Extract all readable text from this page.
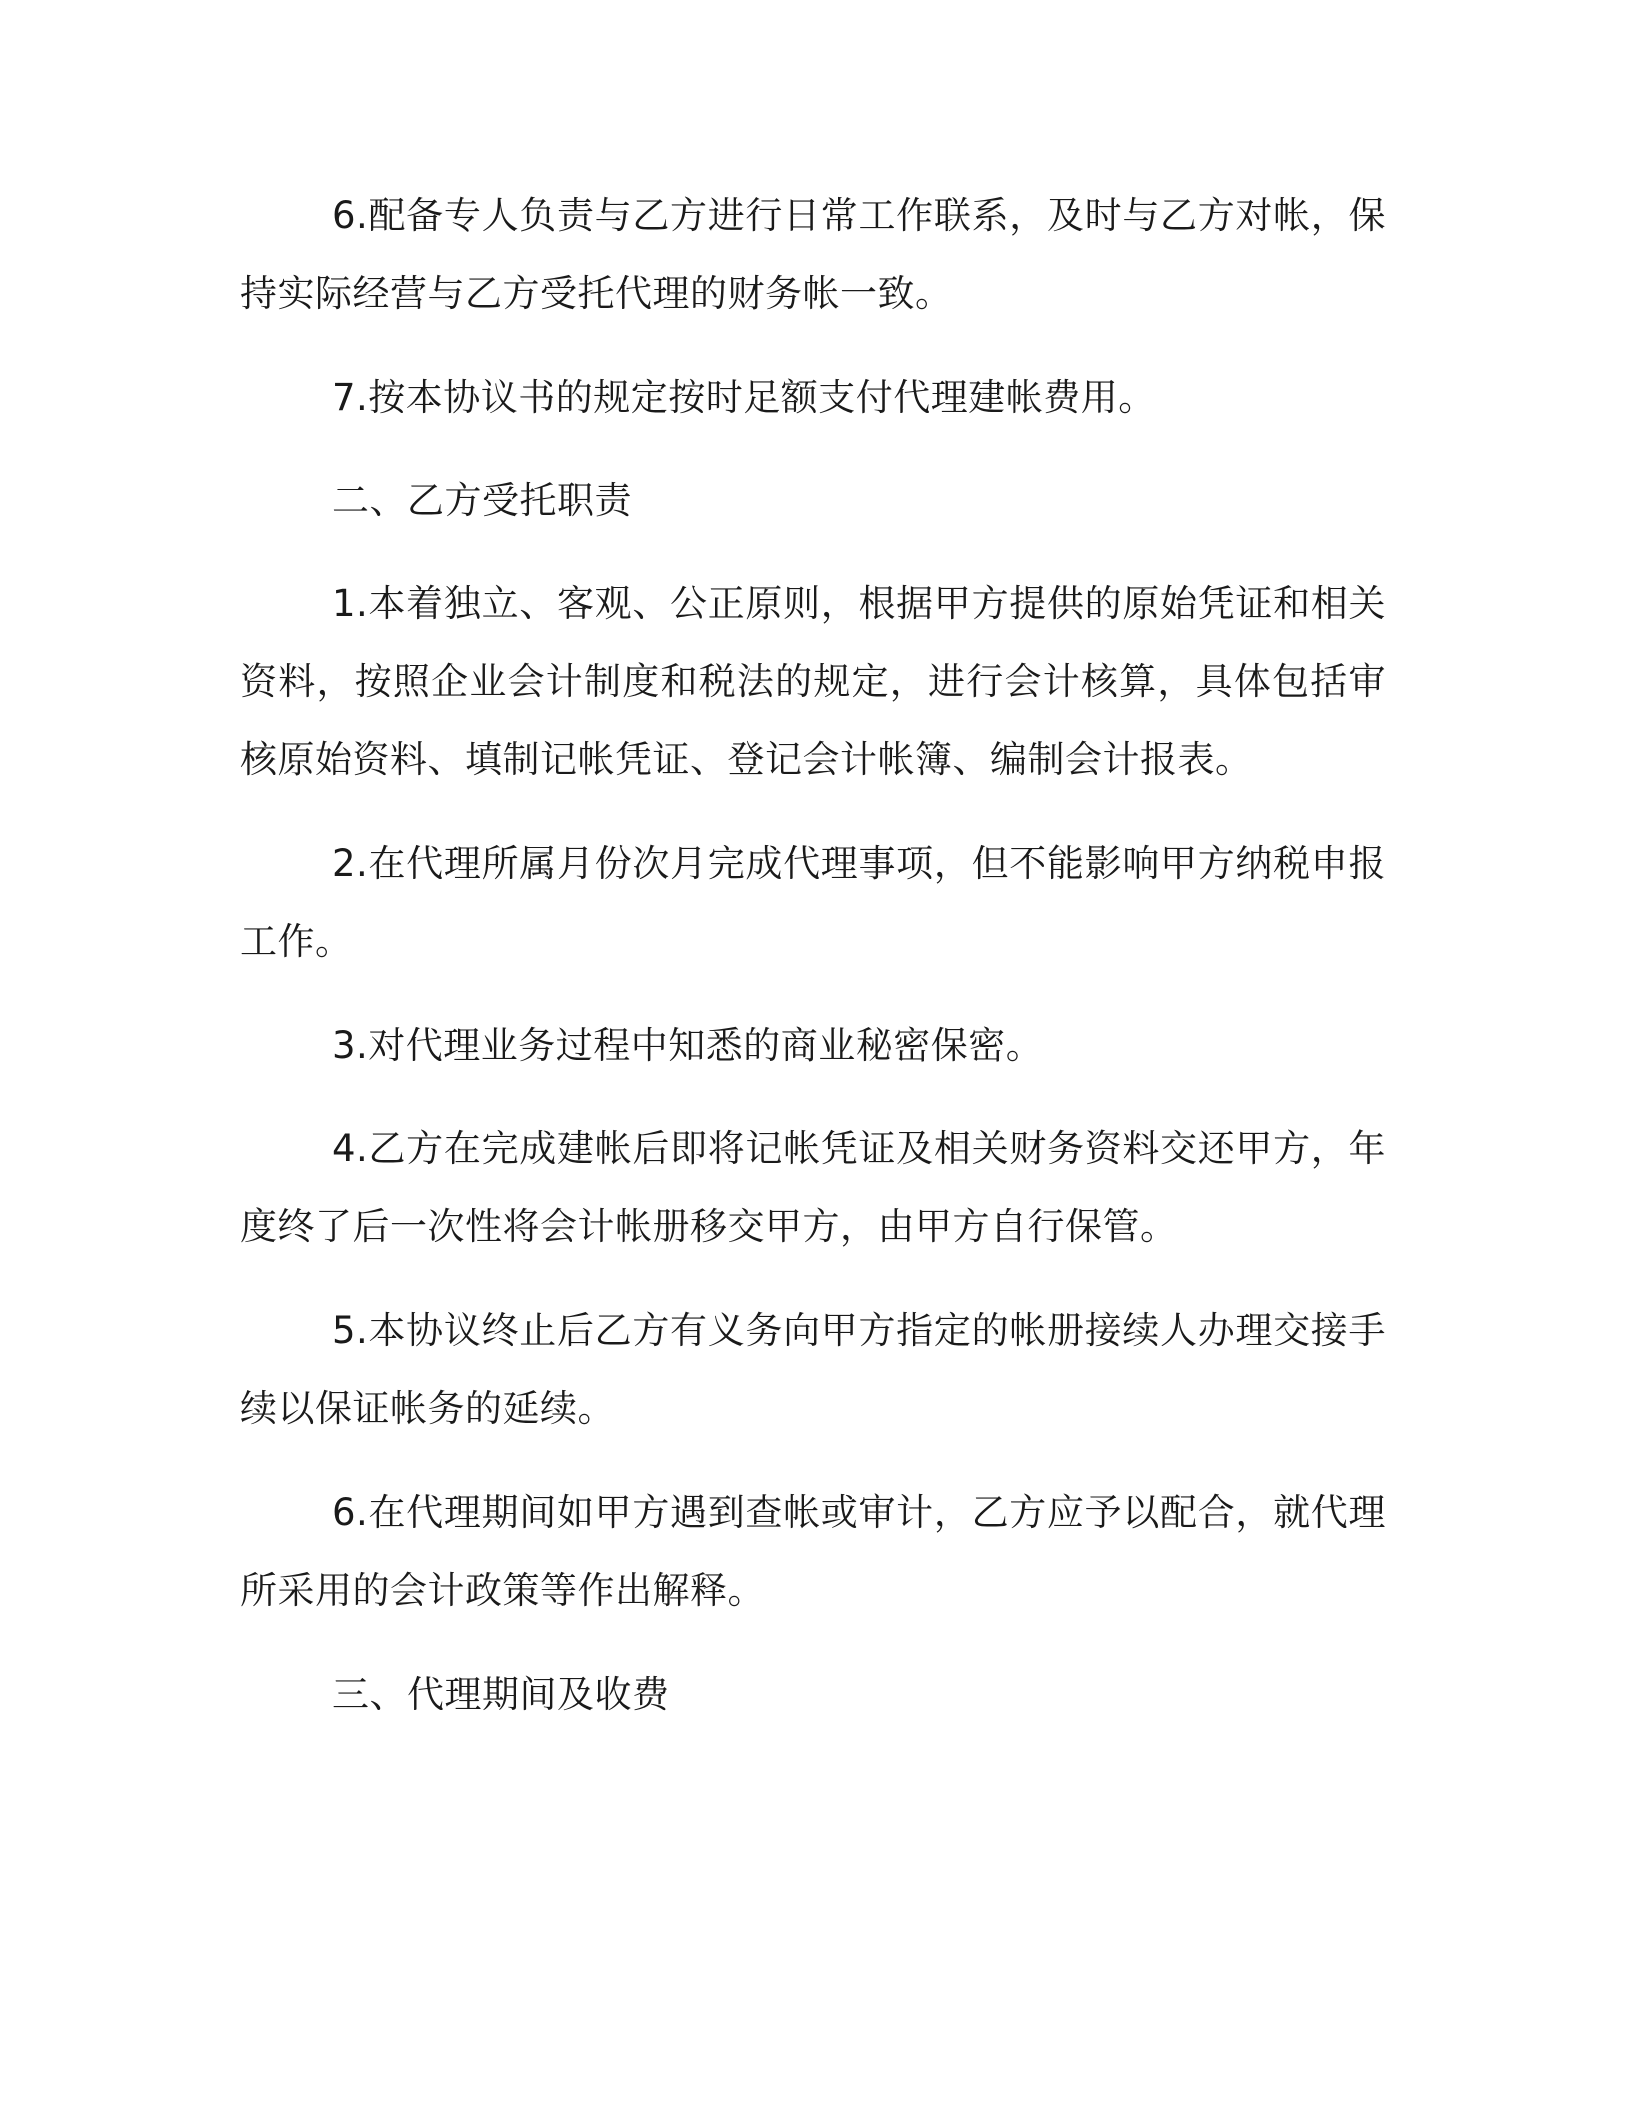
6.配备专人负责与乙方进行日常工作联系，及时与乙方对帐，保持实际经营与乙方受托代理的财务帐一致。

7.按本协议书的规定按时足额支付代理建帐费用。

二、乙方受托职责

1.本着独立、客观、公正原则，根据甲方提供的原始凭证和相关资料，按照企业会计制度和税法的规定，进行会计核算，具体包括审核原始资料、填制记帐凭证、登记会计帐簿、编制会计报表。

2.在代理所属月份次月完成代理事项，但不能影响甲方纳税申报工作。

3.对代理业务过程中知悉的商业秘密保密。

4.乙方在完成建帐后即将记帐凭证及相关财务资料交还甲方，年度终了后一次性将会计帐册移交甲方，由甲方自行保管。

5.本协议终止后乙方有义务向甲方指定的帐册接续人办理交接手续以保证帐务的延续。

6.在代理期间如甲方遇到查帐或审计，乙方应予以配合，就代理所采用的会计政策等作出解释。

三、代理期间及收费
